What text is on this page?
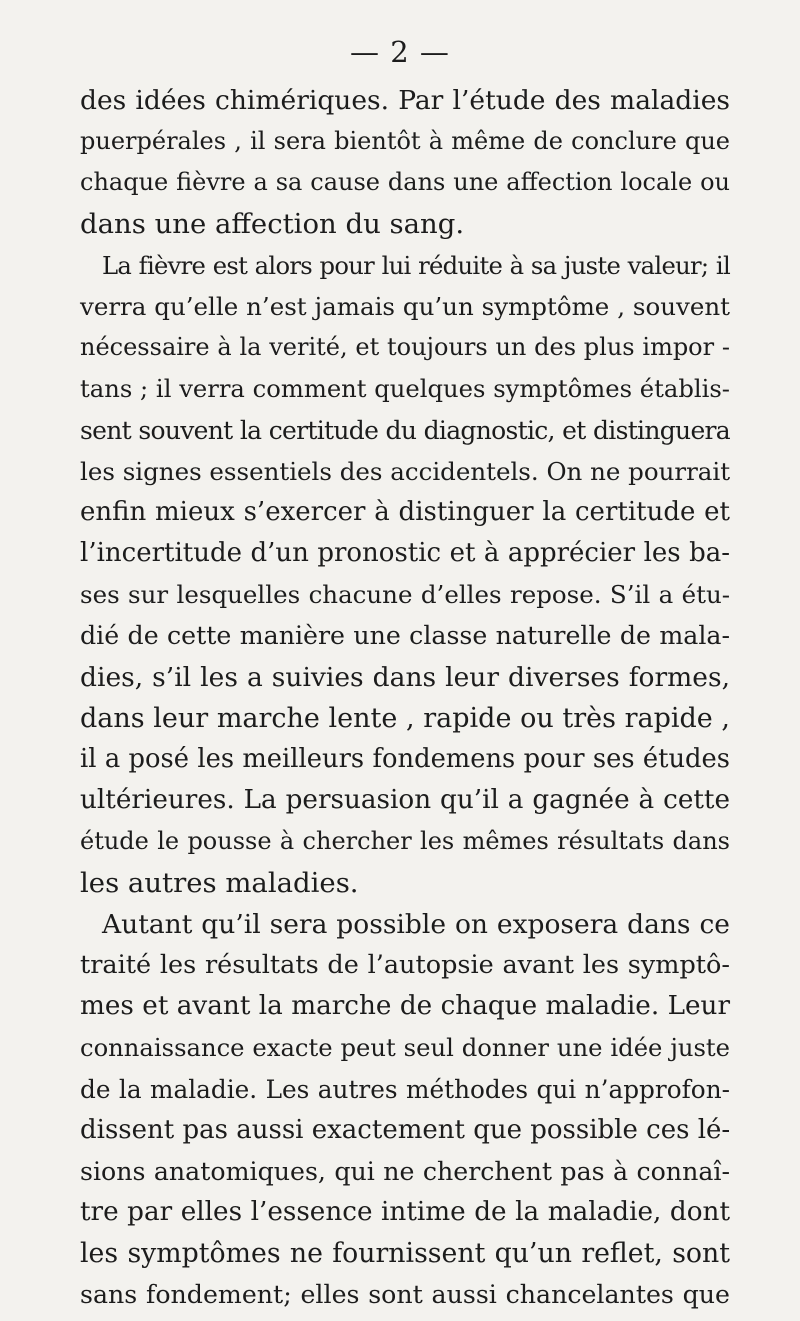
— 2 —
des idées chimériques. Par l’étude des maladies
puerpérales , il sera bientôt à même de conclure que
chaque fièvre a sa cause dans une affection locale ou
dans une affection du sang.
La fièvre est alors pour lui réduite à sa juste valeur; il
verra qu’elle n’est jamais qu’un symptôme , souvent
nécessaire à la verité, et toujours un des plus impor -
tans ; il verra comment quelques symptômes établis-
sent souvent la certitude du diagnostic, et distinguera
les signes essentiels des accidentels. On ne pourrait
enfin mieux s’exercer à distinguer la certitude et
l’incertitude d’un pronostic et à apprécier les ba-
ses sur lesquelles chacune d’elles repose. S’il a étu-
dié de cette manière une classe naturelle de mala-
dies, s’il les a suivies dans leur diverses formes,
dans leur marche lente , rapide ou très rapide ,
il a posé les meilleurs fondemens pour ses études
ultérieures. La persuasion qu’il a gagnée à cette
étude le pousse à chercher les mêmes résultats dans
les autres maladies.
Autant qu’il sera possible on exposera dans ce
traité les résultats de l’autopsie avant les symptô-
mes et avant la marche de chaque maladie. Leur
connaissance exacte peut seul donner une idée juste
de la maladie. Les autres méthodes qui n’approfon-
dissent pas aussi exactement que possible ces lé-
sions anatomiques, qui ne cherchent pas à connaî-
tre par elles l’essence intime de la maladie, dont
les symptômes ne fournissent qu’un reflet, sont
sans fondement; elles sont aussi chancelantes que
